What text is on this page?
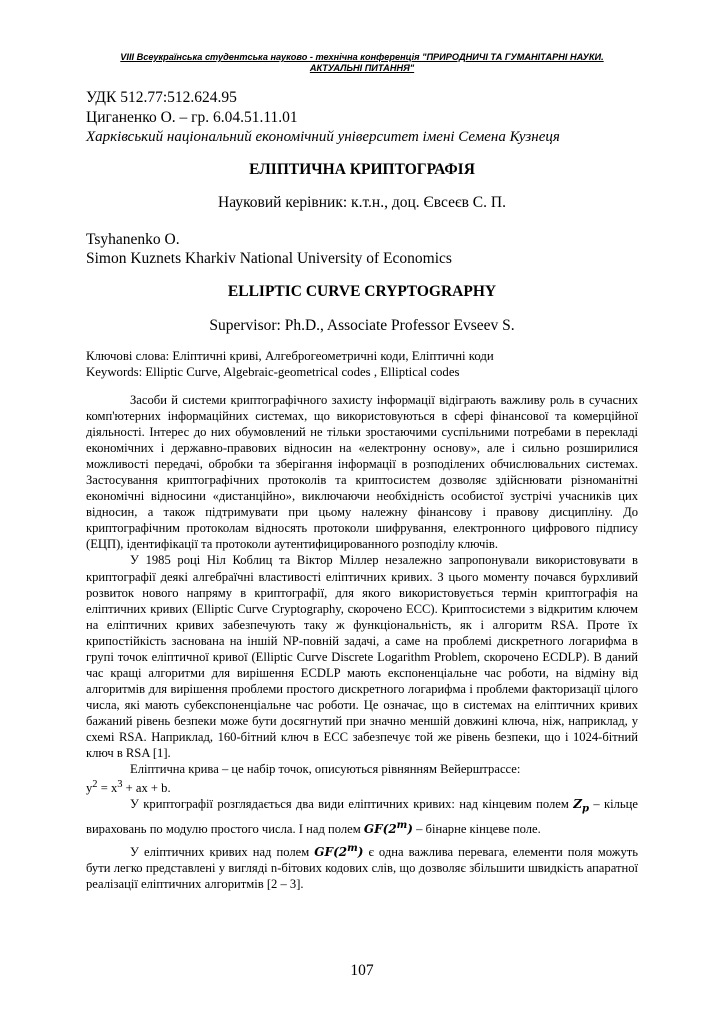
VIII Всеукраїнська студентська науково - технічна конференція "ПРИРОДНИЧІ ТА ГУМАНІТАРНІ НАУКИ.
АКТУАЛЬНІ ПИТАННЯ"
УДК 512.77:512.624.95
Циганенко О. – гр. 6.04.51.11.01
Харківський національний економічний університет імені Семена Кузнеця
ЕЛІПТИЧНА КРИПТОГРАФІЯ
Науковий керівник: к.т.н., доц. Євсеєв С. П.
Tsyhanenko O.
Simon Kuznets Kharkiv National University of Economics
ELLIPTIC CURVE CRYPTOGRAPHY
Supervisor: Ph.D., Associate Professor Evseev S.
Ключові слова: Еліптичні криві, Алгеброгеометричні коди, Еліптичні коди
Keywords: Elliptic Curve, Algebraic-geometrical codes , Elliptical codes

Засоби й системи криптографічного захисту інформації відіграють важливу роль в сучасних комп'ютерних інформаційних системах, що використовуються в сфері фінансової та комерційної діяльності. Інтерес до них обумовлений не тільки зростаючими суспільними потребами в перекладі економічних і державно-правових відносин на «електронну основу», але і сильно розширилися можливості передачі, обробки та зберігання інформації в розподілених обчислювальних системах. Застосування криптографічних протоколів та криптосистем дозволяє здійснювати різноманітні економічні відносини «дистанційно», виключаючи необхідність особистої зустрічі учасників цих відносин, а також підтримувати при цьому належну фінансову і правову дисципліну. До криптографічним протоколам відносять протоколи шифрування, електронного цифрового підпису (ЕЦП), ідентифікації та протоколи аутентифицированного розподілу ключів.

У 1985 році Ніл Коблиц та Віктор Міллер незалежно запропонували використовувати в криптографії деякі алгебраїчні властивості еліптичних кривих. З цього моменту почався бурхливий розвиток нового напряму в криптографії, для якого використовується термін криптографія на еліптичних кривих (Elliptic Curve Cryptography, скорочено ЕСС). Криптосистеми з відкритим ключем на еліптичних кривих забезпечують таку ж функціональність, як і алгоритм RSA. Проте їх крипостійкість заснована на іншій NP-повній задачі, а саме на проблемі дискретного логарифма в групі точок еліптичної кривої (Elliptic Curve Discrete Logarithm Problem, скорочено ECDLP). В даний час кращі алгоритми для вирішення ECDLP мають експоненціальне час роботи, на відміну від алгоритмів для вирішення проблеми простого дискретного логарифма і проблеми факторизації цілого числа, які мають субекспоненціальне час роботи. Це означає, що в системах на еліптичних кривих бажаний рівень безпеки може бути досягнутий при значно меншій довжині ключа, ніж, наприклад, у схемі RSA. Наприклад, 160-бітний ключ в ЕСС забезпечує той же рівень безпеки, що і 1024-бітний ключ в RSA [1].

Еліптична крива – це набір точок, описуються рівнянням Вейерштрассе:

$y^2 = x^3$ + ax + b.

У криптографії розглядається два види еліптичних кривих: над кінцевим полем $Z_p$ – кільце вираховань по модулю простого числа. І над полем GF(2$^m$) – бінарне кінцеве поле.

У еліптичних кривих над полем GF(2$^m$) є одна важлива перевага, елементи поля можуть бути легко представлені у вигляді n-бітових кодових слів, що дозволяє збільшити швидкість апаратної реалізації еліптичних алгоритмів [2 – 3].

107
